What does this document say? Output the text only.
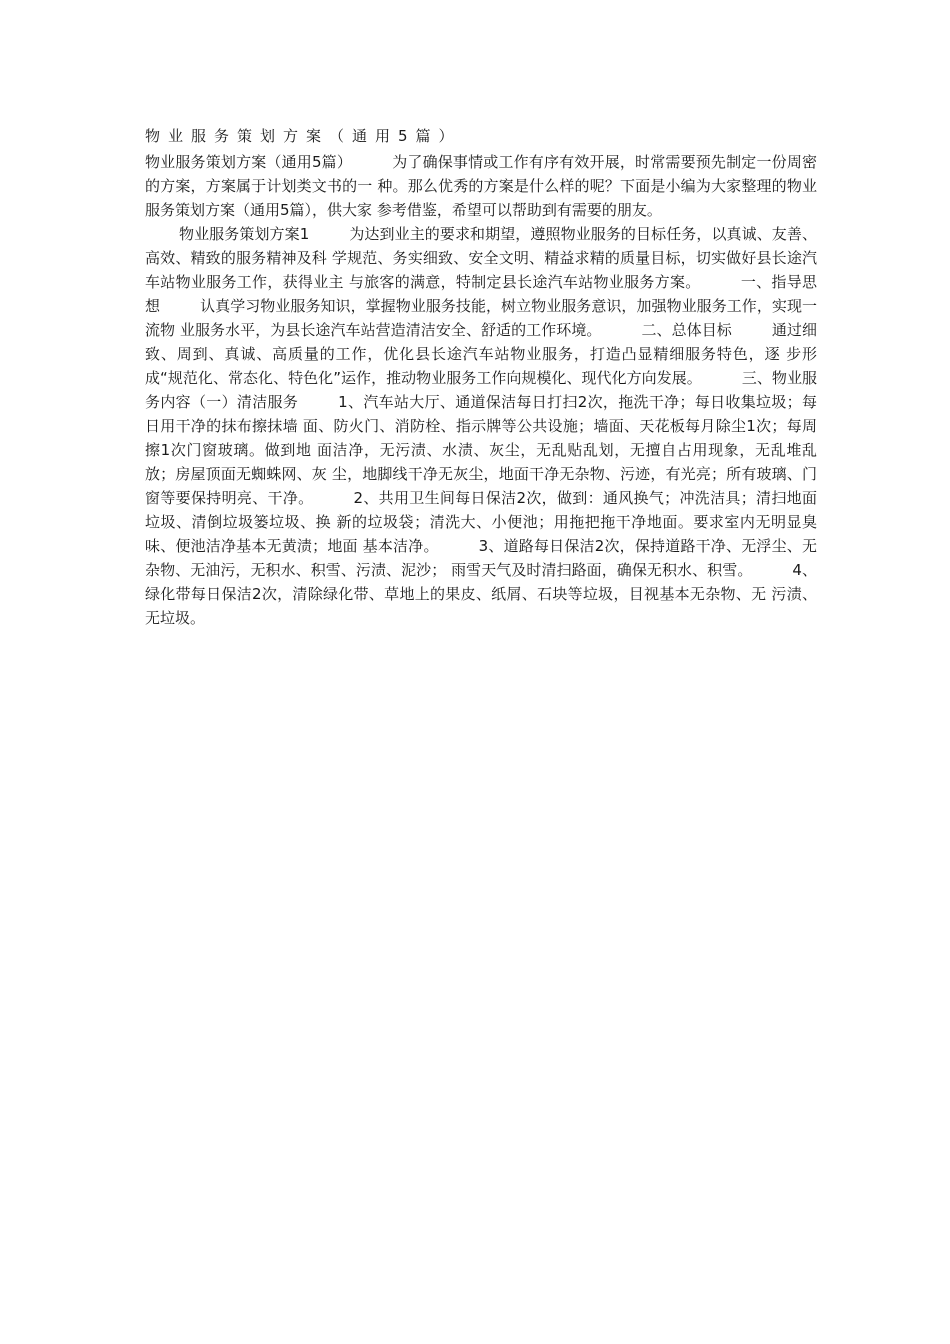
物业服务策划方案（通用5篇）

物业服务策划方案（通用5篇）	为了确保事情或工作有序有效开展，时常需要预先制定一份周密的方案，方案属于计划类文书的一 种。那么优秀的方案是什么样的呢？下面是小编为大家整理的物业服务策划方案（通用5篇），供大家 参考借鉴，希望可以帮助到有需要的朋友。

物业服务策划方案1	为达到业主的要求和期望，遵照物业服务的目标任务，以真诚、友善、高效、精致的服务精神及科 学规范、务实细致、安全文明、精益求精的质量目标，切实做好县长途汽车站物业服务工作，获得业主 与旅客的满意，特制定县长途汽车站物业服务方案。	一、指导思想	认真学习物业服务知识，掌握物业服务技能，树立物业服务意识，加强物业服务工作，实现一流物 业服务水平，为县长途汽车站营造清洁安全、舒适的工作环境。	二、总体目标	通过细致、周到、真诚、高质量的工作，优化县长途汽车站物业服务，打造凸显精细服务特色，逐 步形成“规范化、常态化、特色化”运作，推动物业服务工作向规模化、现代化方向发展。	三、物业服务内容（一）清洁服务	1、汽车站大厅、通道保洁每日打扫2次，拖洗干净；每日收集垃圾；每日用干净的抹布擦抹墙 面、防火门、消防栓、指示牌等公共设施；墙面、天花板每月除尘1次；每周擦1次门窗玻璃。做到地 面洁净，无污渍、水渍、灰尘，无乱贴乱划，无擅自占用现象，无乱堆乱放；房屋顶面无蜘蛛网、灰 尘，地脚线干净无灰尘，地面干净无杂物、污迹，有光亮；所有玻璃、门窗等要保持明亮、干净。	2、共用卫生间每日保洁2次，做到：通风换气；冲洗洁具；清扫地面垃圾、清倒垃圾篓垃圾、换 新的垃圾袋；清洗大、小便池；用拖把拖干净地面。要求室内无明显臭味、便池洁净基本无黄渍；地面 基本洁净。	3、道路每日保洁2次，保持道路干净、无浮尘、无杂物、无油污，无积水、积雪、污渍、泥沙； 雨雪天气及时清扫路面，确保无积水、积雪。	4、绿化带每日保洁2次，清除绿化带、草地上的果皮、纸屑、石块等垃圾，目视基本无杂物、无 污渍、无垃圾。
